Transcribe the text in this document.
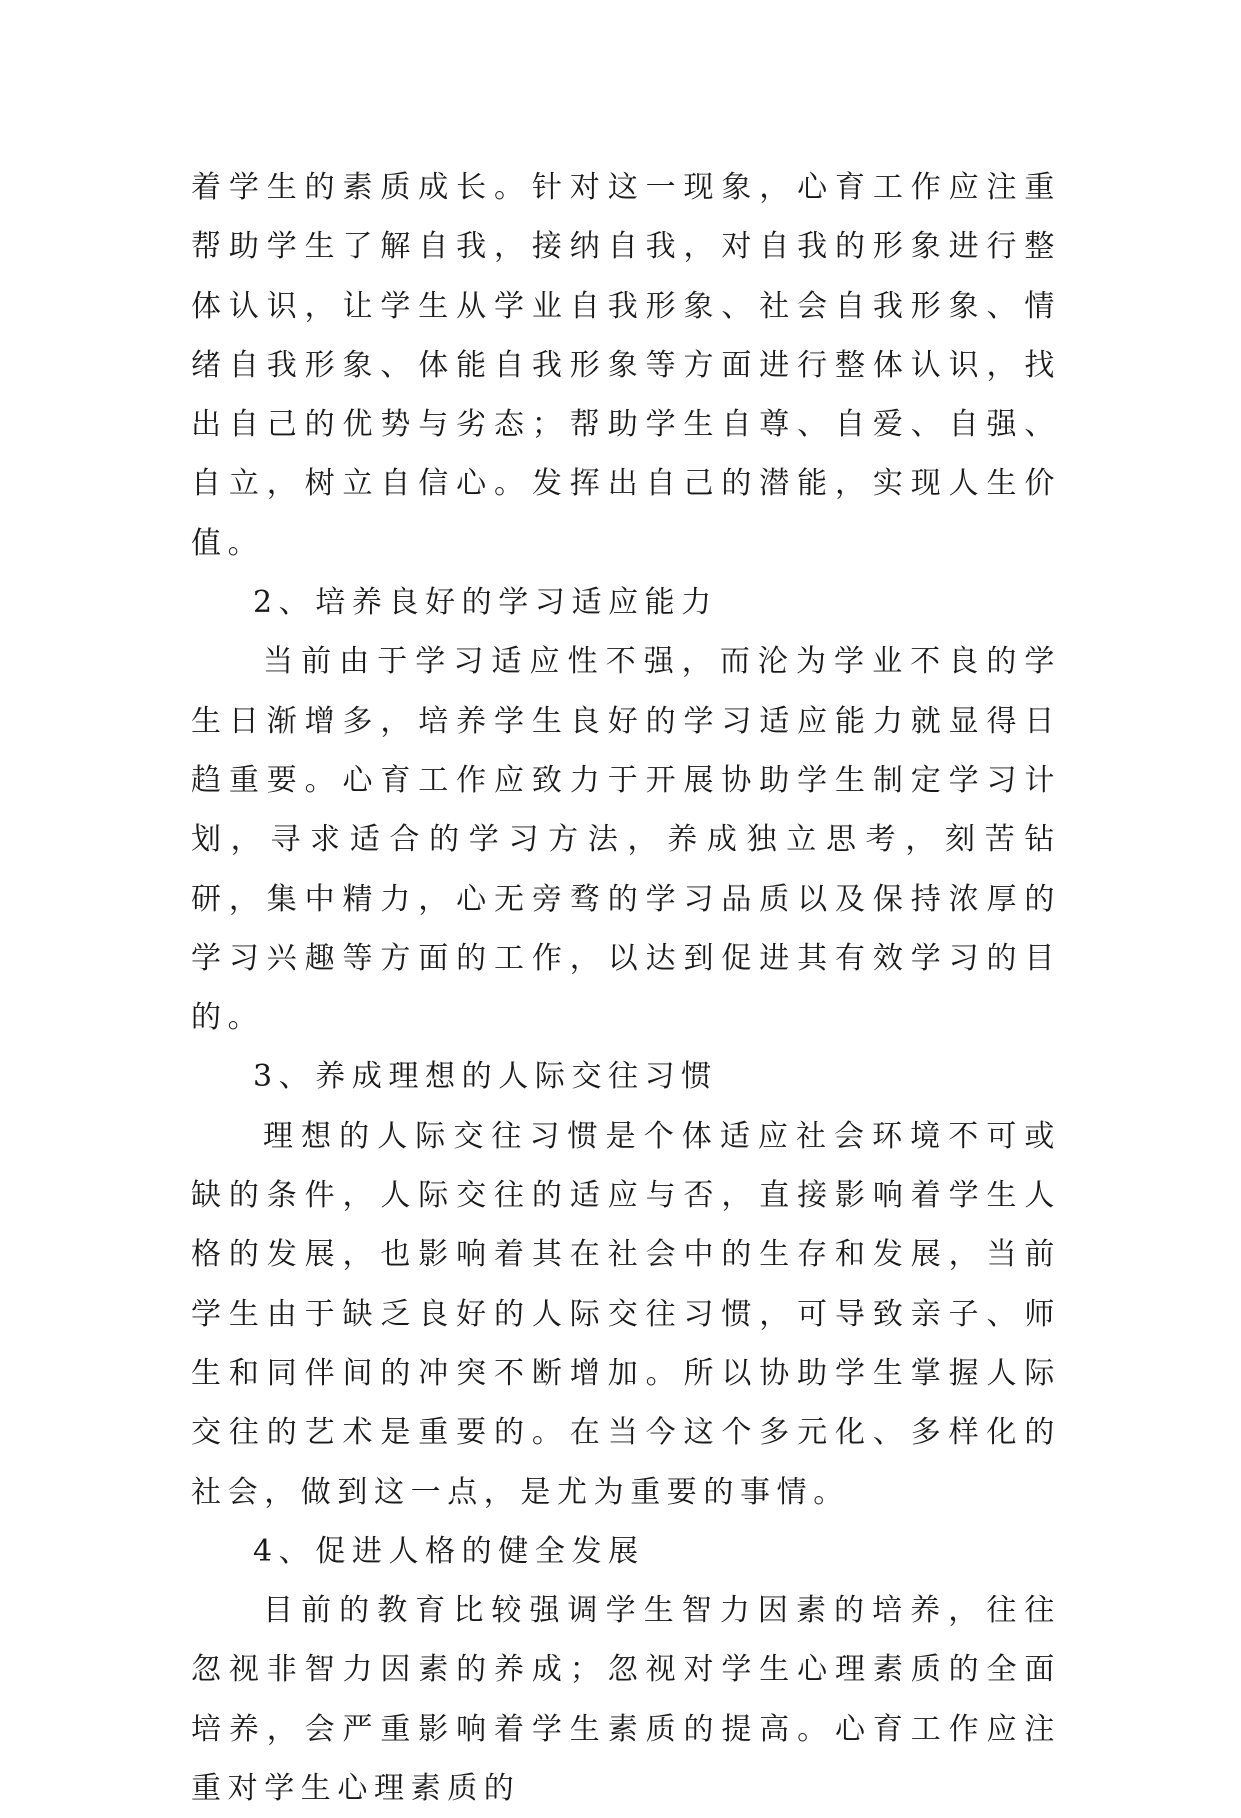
着学生的素质成长。针对这一现象，心育工作应注重帮助学生了解自我，接纳自我，对自我的形象进行整体认识，让学生从学业自我形象、社会自我形象、情绪自我形象、体能自我形象等方面进行整体认识，找出自己的优势与劣态；帮助学生自尊、自爱、自强、自立，树立自信心。发挥出自己的潜能，实现人生价值。

2、培养良好的学习适应能力

当前由于学习适应性不强，而沦为学业不良的学生日渐增多，培养学生良好的学习适应能力就显得日趋重要。心育工作应致力于开展协助学生制定学习计划，寻求适合的学习方法，养成独立思考，刻苦钻研，集中精力，心无旁骛的学习品质以及保持浓厚的学习兴趣等方面的工作，以达到促进其有效学习的目的。

3、养成理想的人际交往习惯

理想的人际交往习惯是个体适应社会环境不可或缺的条件，人际交往的适应与否，直接影响着学生人格的发展，也影响着其在社会中的生存和发展，当前学生由于缺乏良好的人际交往习惯，可导致亲子、师生和同伴间的冲突不断增加。所以协助学生掌握人际交往的艺术是重要的。在当今这个多元化、多样化的社会，做到这一点，是尤为重要的事情。

4、促进人格的健全发展

目前的教育比较强调学生智力因素的培养，往往忽视非智力因素的养成；忽视对学生心理素质的全面培养，会严重影响着学生素质的提高。心育工作应注重对学生心理素质的
